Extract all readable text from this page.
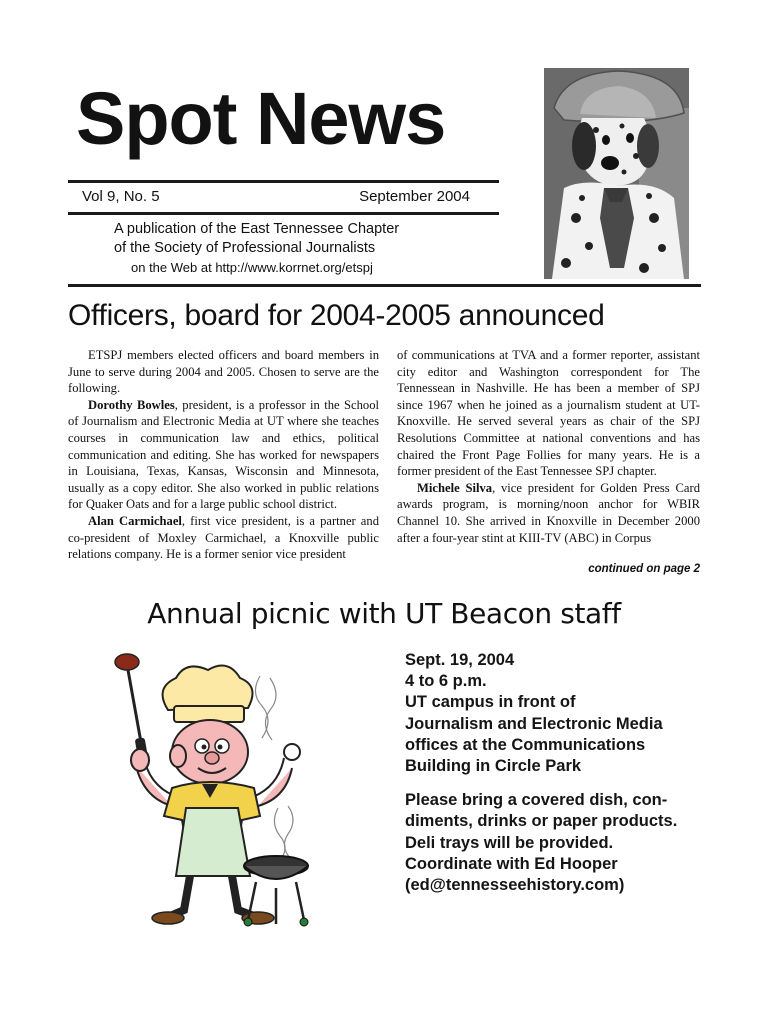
Spot News
Vol 9, No. 5	September 2004
A publication of the East Tennessee Chapter
of the Society of Professional Journalists
on the Web at http://www.korrnet.org/etspj
Officers, board for 2004-2005 announced

ETSPJ members elected officers and board members in June to serve during 2004 and 2005. Chosen to serve are the following.

Dorothy Bowles, president, is a professor in the School of Journalism and Electronic Media at UT where she teaches courses in communication law and ethics, political communication and editing. She has worked for newspapers in Louisiana, Texas, Kansas, Wisconsin and Minnesota, usually as a copy editor. She also worked in public relations for Quaker Oats and for a large public school district.

Alan Carmichael, first vice president, is a partner and co-president of Moxley Carmichael, a Knoxville public relations company. He is a former senior vice president

of communications at TVA and a former reporter, assistant city editor and Washington correspondent for The Tennessean in Nashville. He has been a member of SPJ since 1967 when he joined as a journalism student at UT-Knoxville. He served several years as chair of the SPJ Resolutions Committee at national conventions and has chaired the Front Page Follies for many years. He is a former president of the East Tennessee SPJ chapter.

Michele Silva, vice president for Golden Press Card awards program, is morning/noon anchor for WBIR Channel 10. She arrived in Knoxville in December 2000 after a four-year stint at KIII-TV (ABC) in Corpus

continued on page 2
Annual picnic with UT Beacon staff
Sept. 19, 2004
4 to 6 p.m.
UT campus in front of
Journalism and Electronic Media
offices at the Communications
Building in Circle Park
Please bring a covered dish, con-
diments, drinks or paper products.
Deli trays will be provided.
Coordinate with Ed Hooper
(ed@tennesseehistory.com)
